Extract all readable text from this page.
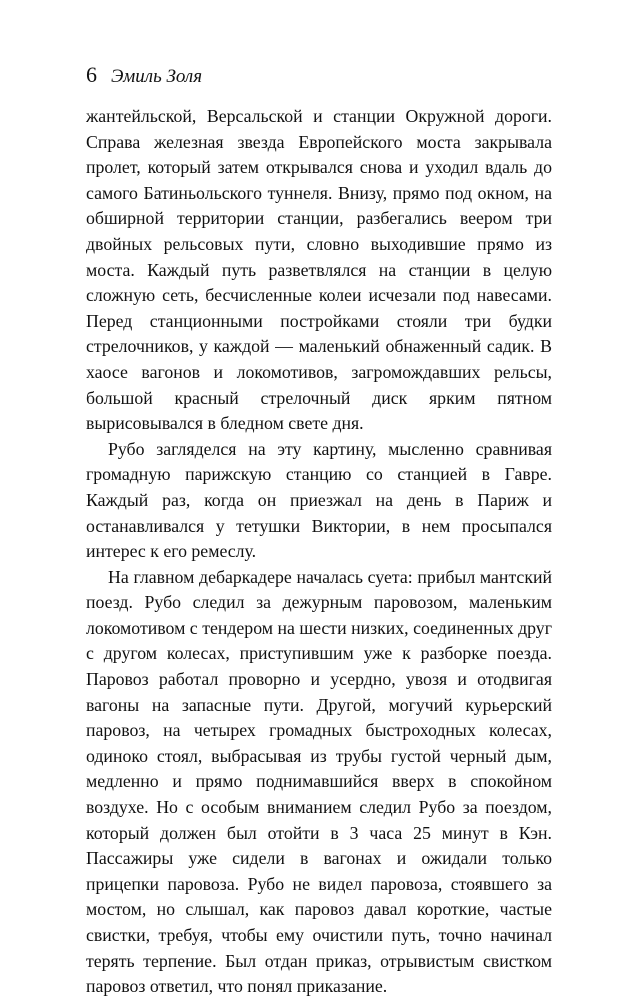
6 Эмиль Золя

жантейльской, Версальской и станции Окружной дороги. Справа железная звезда Европейского моста закрывала пролет, который затем открывался снова и уходил вдаль до самого Батиньольского туннеля. Внизу, прямо под окном, на обширной территории станции, разбегались веером три двойных рельсовых пути, словно выходившие прямо из моста. Каждый путь разветвлялся на станции в целую сложную сеть, бесчисленные колеи исчезали под навесами. Перед станционными постройками стояли три будки стрелочников, у каждой — маленький обнаженный садик. В хаосе вагонов и локомотивов, загромождавших рельсы, большой красный стрелочный диск ярким пятном вырисовывался в бледном свете дня.

Рубо загляделся на эту картину, мысленно сравнивая громадную парижскую станцию со станцией в Гавре. Каждый раз, когда он приезжал на день в Париж и останавливался у тетушки Виктории, в нем просыпался интерес к его ремеслу.

На главном дебаркадере началась суета: прибыл мантский поезд. Рубо следил за дежурным паровозом, маленьким локомотивом с тендером на шести низких, соединенных друг с другом колесах, приступившим уже к разборке поезда. Паровоз работал проворно и усердно, увозя и отодвигая вагоны на запасные пути. Другой, могучий курьерский паровоз, на четырех громадных быстроходных колесах, одиноко стоял, выбрасывая из трубы густой черный дым, медленно и прямо поднимавшийся вверх в спокойном воздухе. Но с особым вниманием следил Рубо за поездом, который должен был отойти в 3 часа 25 минут в Кэн. Пассажиры уже сидели в вагонах и ожидали только прицепки паровоза. Рубо не видел паровоза, стоявшего за мостом, но слышал, как паровоз давал короткие, частые свистки, требуя, чтобы ему очистили путь, точно начинал терять терпение. Был отдан приказ, отрывистым свистком паровоз ответил, что понял приказание.
